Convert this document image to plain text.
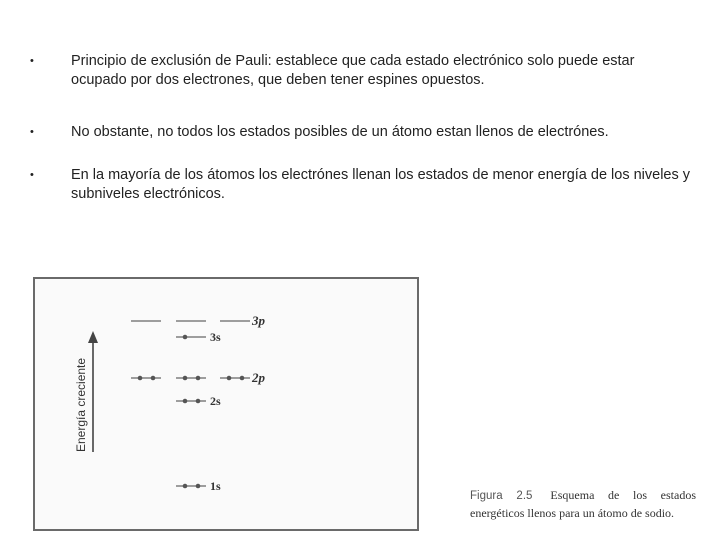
•	Principio de exclusión de Pauli: establece que cada estado electrónico solo puede estar ocupado por dos electrones, que deben tener espines opuestos.
•	No obstante, no todos los estados posibles de un átomo estan llenos de electrónes.
•	En la mayoría de los átomos los electrónes llenan los estados de menor energía de los niveles y subniveles electrónicos.
Energía creciente
3p
3s
2p
2s
1s
Figura 2.5 Esquema de los estados energéticos llenos para un átomo de sodio.
